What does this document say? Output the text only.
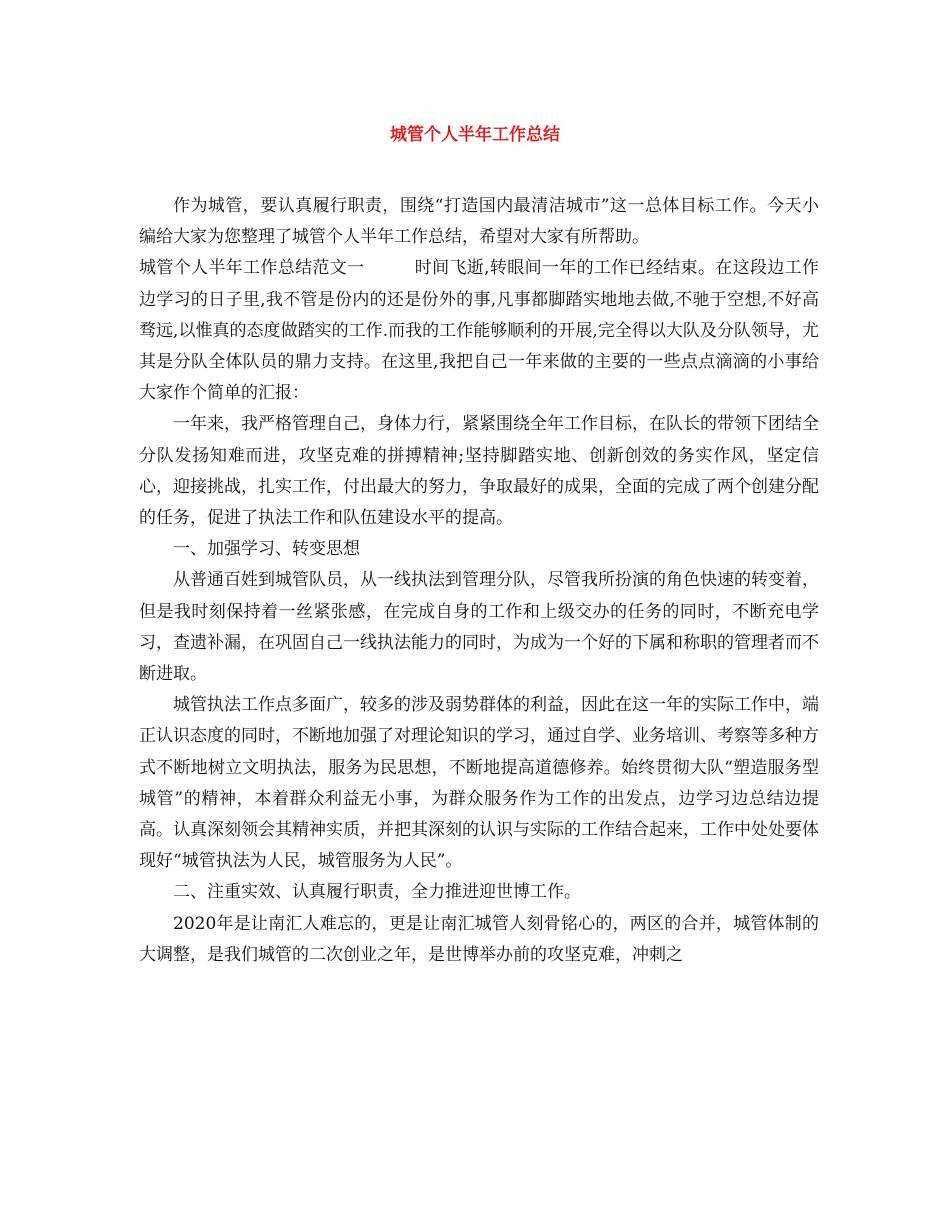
城管个人半年工作总结

作为城管，要认真履行职责，围绕“打造国内最清洁城市”这一总体目标工作。今天小编给大家为您整理了城管个人半年工作总结，希望对大家有所帮助。

城管个人半年工作总结范文一	时间飞逝,转眼间一年的工作已经结束。在这段边工作边学习的日子里,我不管是份内的还是份外的事,凡事都脚踏实地地去做,不驰于空想,不好高骛远,以惟真的态度做踏实的工作.而我的工作能够顺利的开展,完全得以大队及分队领导，尤其是分队全体队员的鼎力支持。在这里,我把自己一年来做的主要的一些点点滴滴的小事给大家作个简单的汇报：

一年来，我严格管理自己，身体力行，紧紧围绕全年工作目标，在队长的带领下团结全分队发扬知难而进，攻坚克难的拼搏精神;坚持脚踏实地、创新创效的务实作风，坚定信心，迎接挑战，扎实工作，付出最大的努力，争取最好的成果，全面的完成了两个创建分配的任务，促进了执法工作和队伍建设水平的提高。

一、加强学习、转变思想

从普通百姓到城管队员，从一线执法到管理分队，尽管我所扮演的角色快速的转变着，但是我时刻保持着一丝紧张感，在完成自身的工作和上级交办的任务的同时，不断充电学习，查遗补漏，在巩固自己一线执法能力的同时，为成为一个好的下属和称职的管理者而不断进取。

城管执法工作点多面广，较多的涉及弱势群体的利益，因此在这一年的实际工作中，端正认识态度的同时，不断地加强了对理论知识的学习，通过自学、业务培训、考察等多种方式不断地树立文明执法，服务为民思想，不断地提高道德修养。始终贯彻大队“塑造服务型城管”的精神，本着群众利益无小事，为群众服务作为工作的出发点，边学习边总结边提高。认真深刻领会其精神实质，并把其深刻的认识与实际的工作结合起来，工作中处处要体现好“城管执法为人民，城管服务为人民”。

二、注重实效、认真履行职责，全力推进迎世博工作。

2020年是让南汇人难忘的，更是让南汇城管人刻骨铭心的，两区的合并，城管体制的大调整，是我们城管的二次创业之年，是世博举办前的攻坚克难，冲刺之
